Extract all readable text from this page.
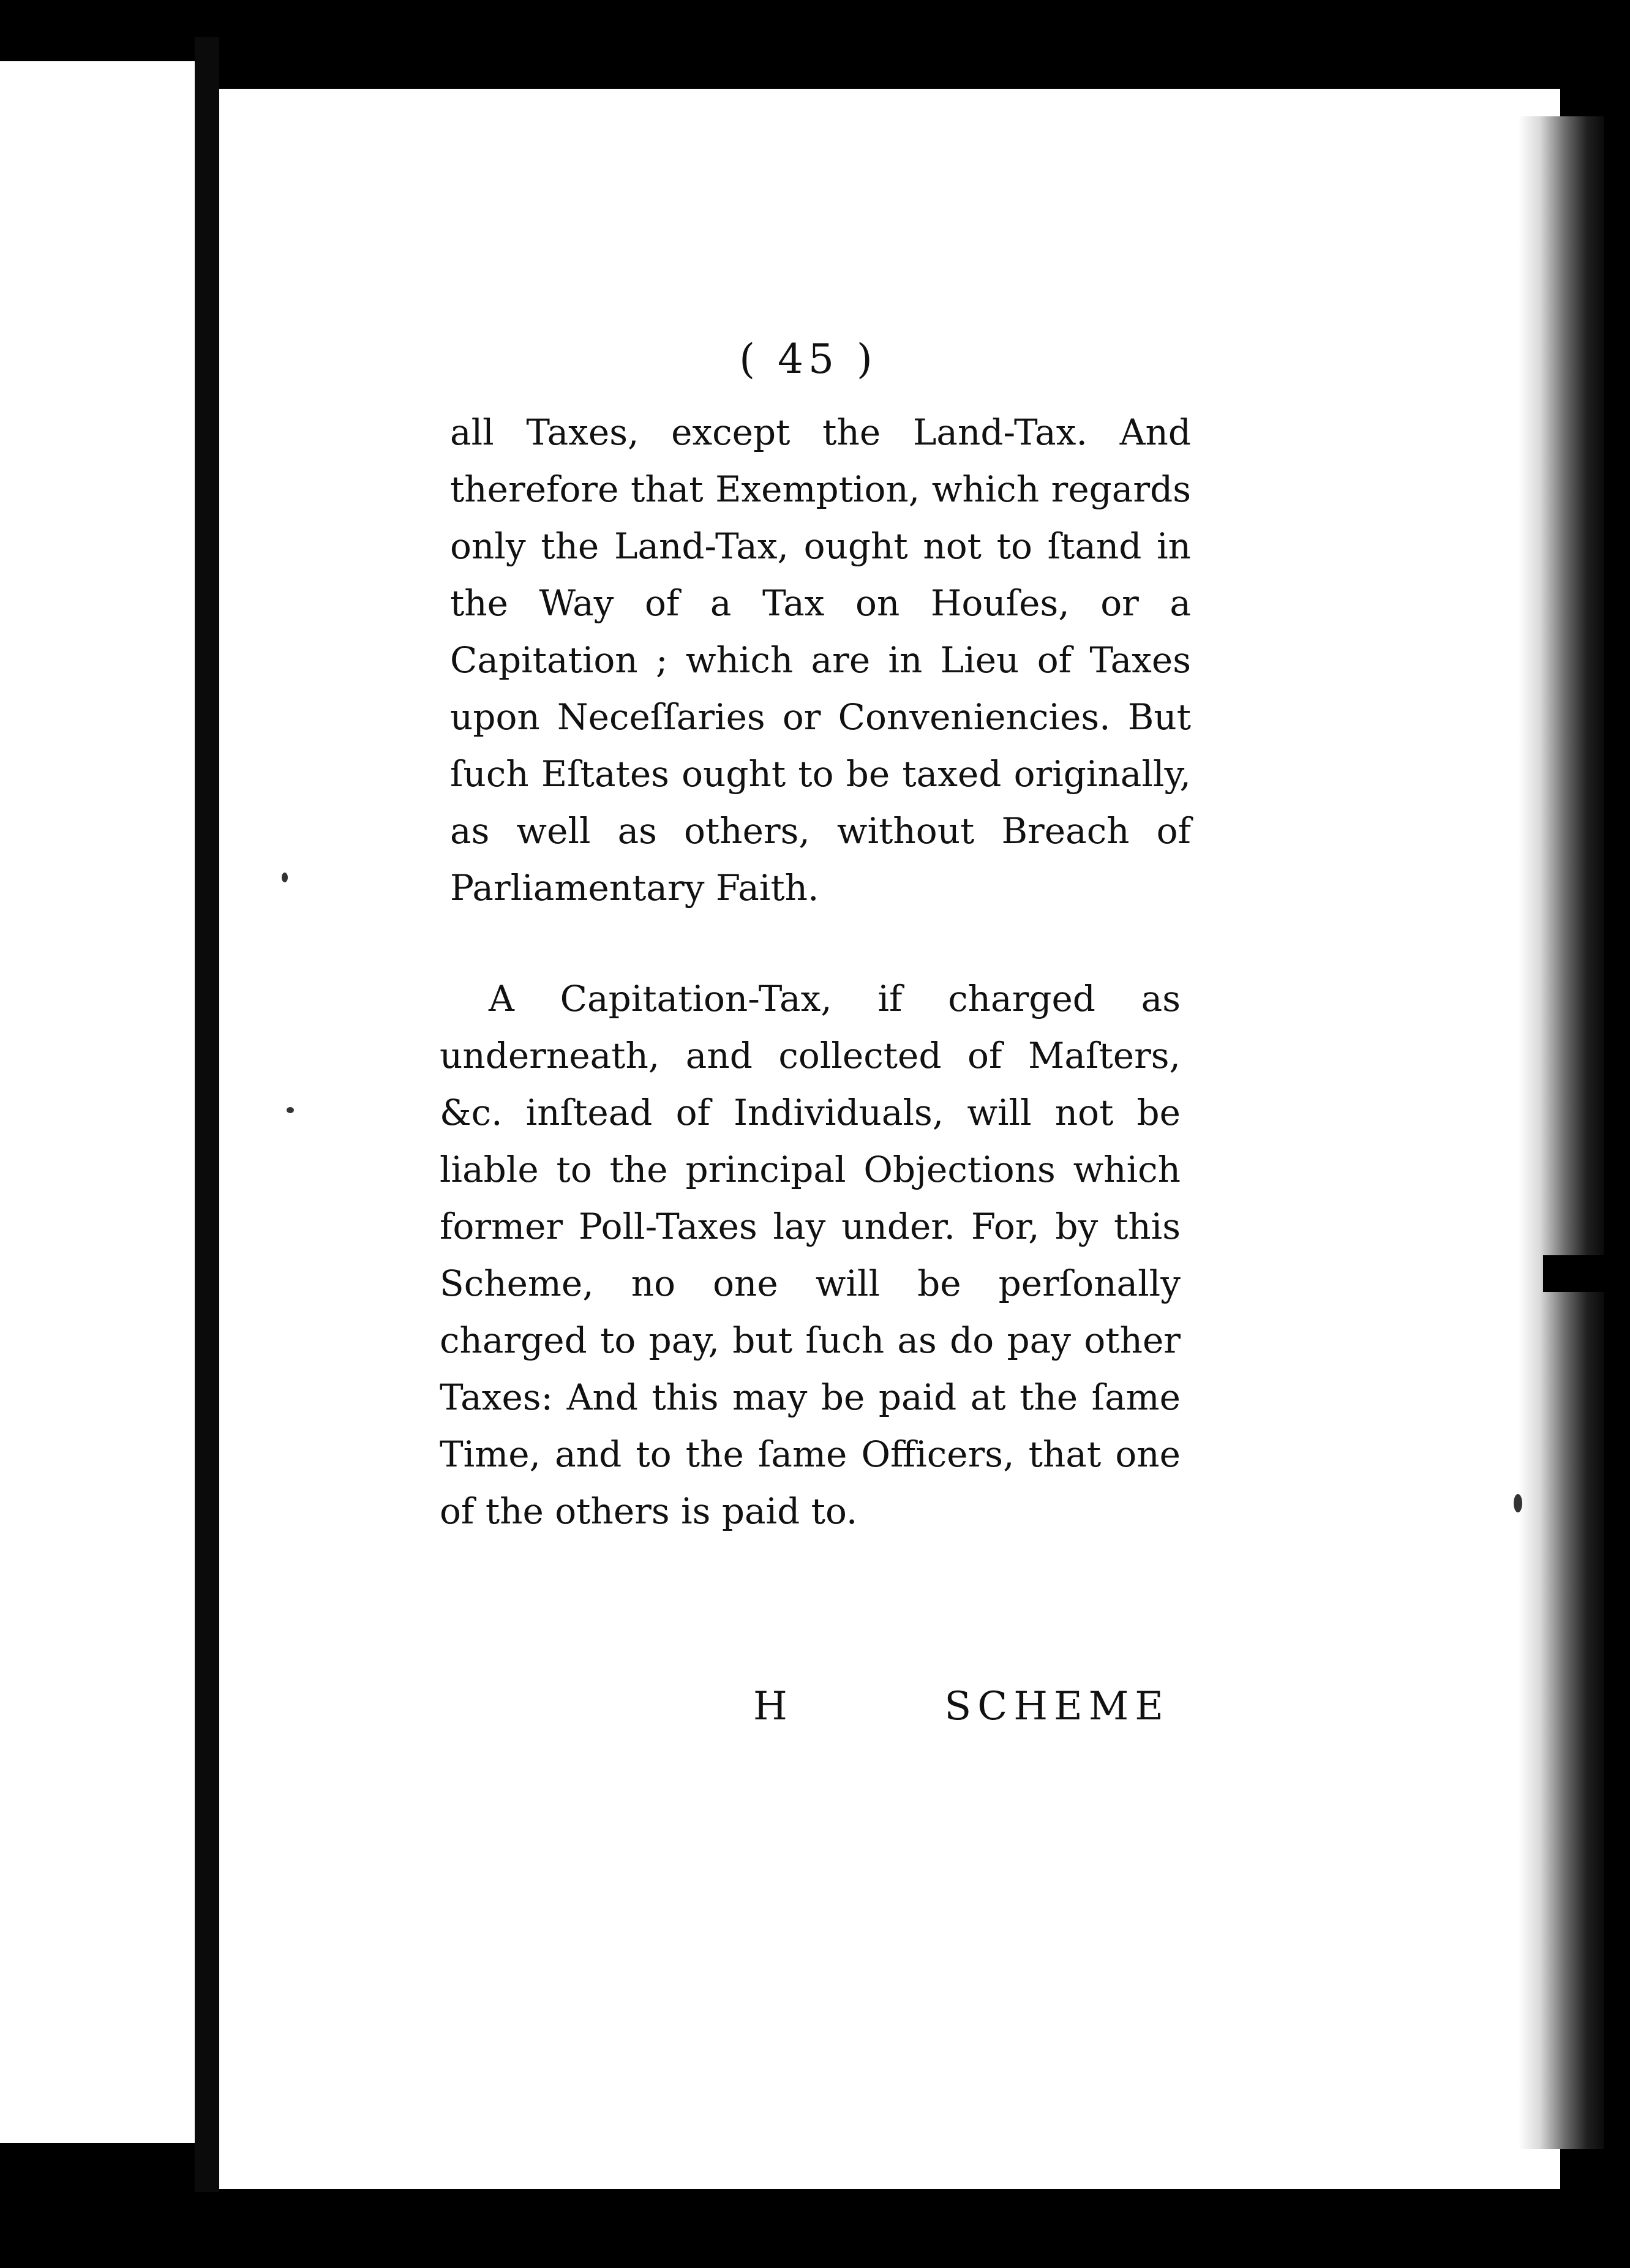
( 45 )

all Taxes, except the Land-Tax. And therefore that Exemption, which regards only the Land-Tax, ought not to ſtand in the Way of a Tax on Houſes, or a Capitation ; which are in Lieu of Taxes upon Neceſſaries or Conveniencies. But ſuch Eſtates ought to be taxed originally, as well as others, without Breach of Parliamentary Faith.

A Capitation-Tax, if charged as underneath, and collected of Maſters, &c. inſtead of Individuals, will not be liable to the principal Objections which former Poll-Taxes lay under. For, by this Scheme, no one will be perſonally charged to pay, but ſuch as do pay other Taxes: And this may be paid at the ſame Time, and to the ſame Officers, that one of the others is paid to.

H	SCHEME
